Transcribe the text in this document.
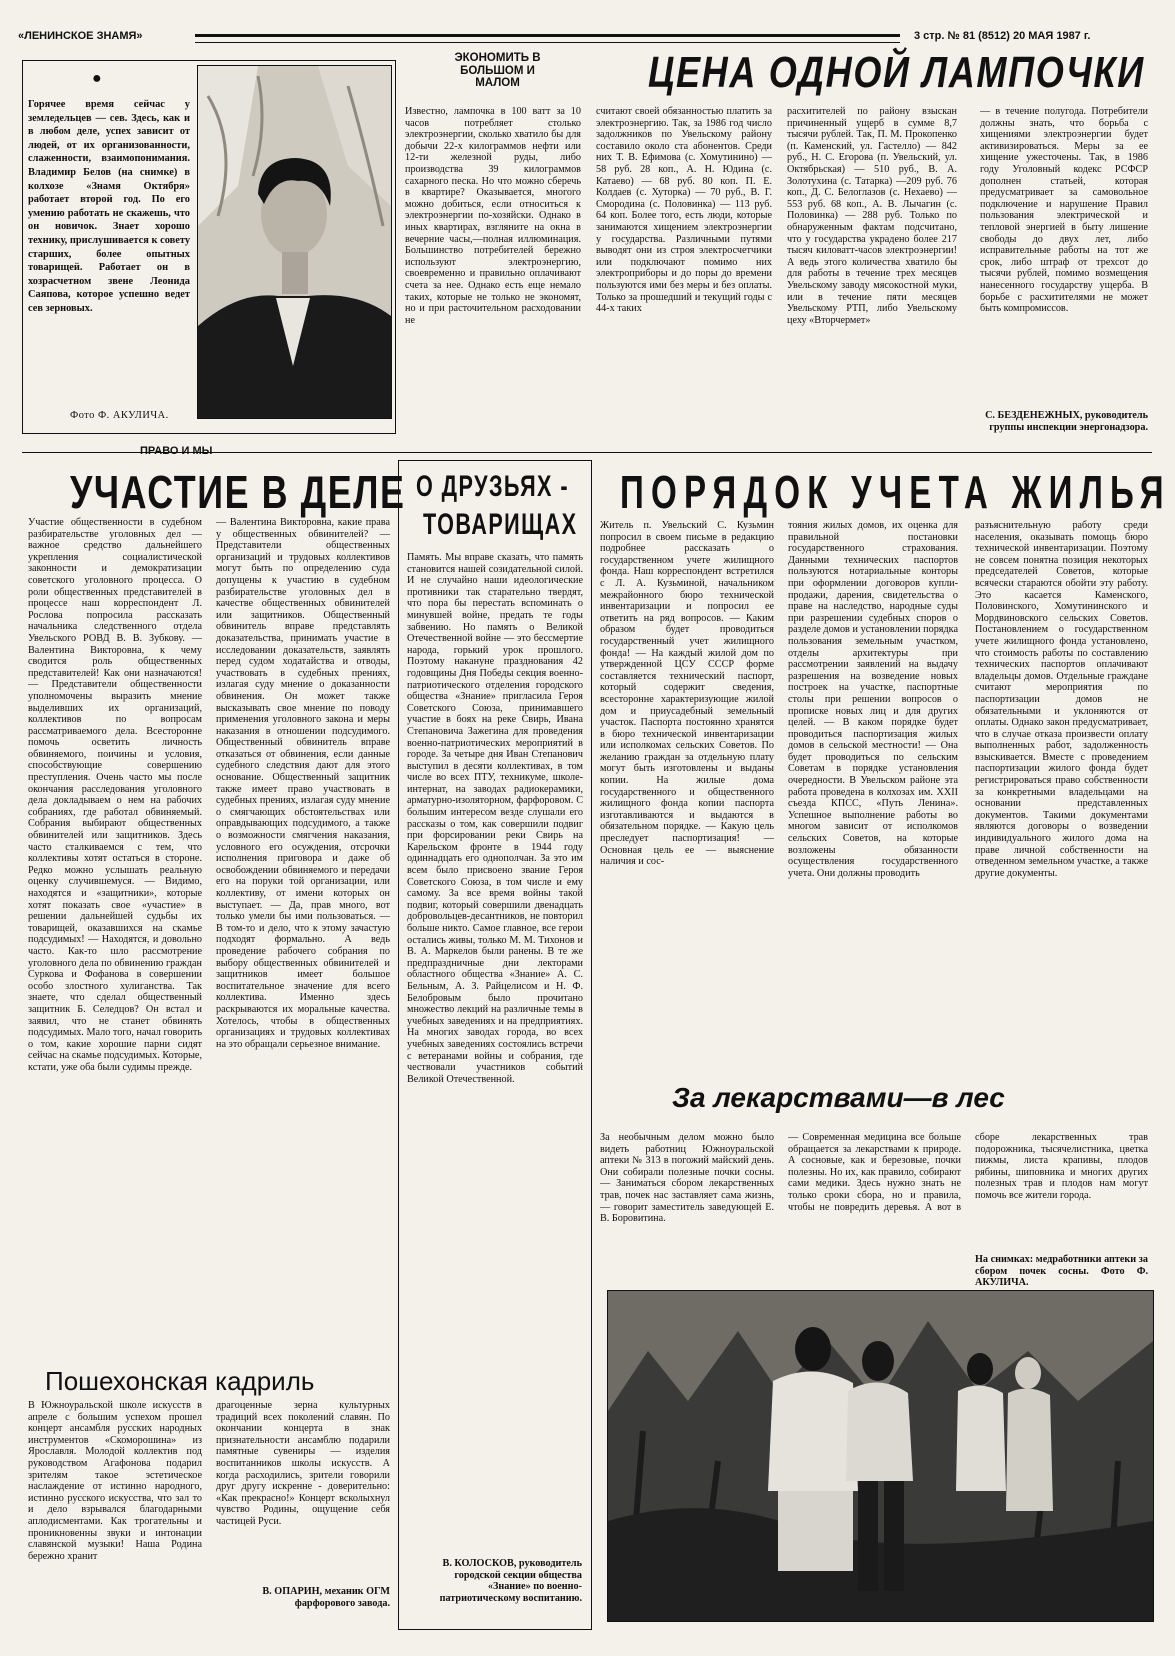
«ЛЕНИНСКОЕ ЗНАМЯ»	3 стр. № 81 (8512) 20 МАЯ 1987 г.
●
Горячее время сейчас у земледельцев — сев. Здесь, как и в любом деле, успех зависит от людей, от их организованности, слаженности, взаимопонимания. Владимир Белов (на снимке) в колхозе «Знамя Октября» работает второй год. По его умению работать не скажешь, что он новичок. Знает хорошо технику, прислушивается к совету старших, более опытных товарищей. Работает он в хозрасчетном звене Леонида Саяпова, которое успешно ведет сев зерновых.
Фото Ф. АКУЛИЧА.
ЭКОНОМИТЬ В БОЛЬШОМ И МАЛОМ	ЦЕНА ОДНОЙ ЛАМПОЧКИ
Известно, лампочка в 100 ватт за 10 часов потребляет столько электроэнергии, сколько хватило бы для добычи 22-х килограммов нефти или 12-ти железной руды, либо производства 39 килограммов сахарного песка. Но что можно сберечь в квартире? Оказывается, многого можно добиться, если относиться к электроэнергии по-хозяйски. Однако в иных квартирах, взгляните на окна в вечерние часы,—полная иллюминация. Большинство потребителей бережно используют электроэнергию, своевременно и правильно оплачивают счета за нее. Однако есть еще немало таких, которые не только не экономят, но и при расточительном расходовании не
считают своей обязанностью платить за электроэнергию. Так, за 1986 год число задолжников по Увельскому району составило около ста абонентов. Среди них Т. В. Ефимова (с. Хомутинино) — 58 руб. 28 коп., А. Н. Юдина (с. Катаево) — 68 руб. 80 коп. П. Е. Колдаев (с. Хуторка) — 70 руб., В. Г. Смородина (с. Половинка) — 113 руб. 64 коп. Более того, есть люди, которые занимаются хищением электроэнергии у государства. Различными путями выводят они из строя электросчетчики или подключают помимо них электроприборы и до поры до времени пользуются ими без меры и без оплаты. Только за прошедший и текущий годы с 44-х таких
расхитителей по району взыскан причиненный ущерб в сумме 8,7 тысячи рублей. Так, П. М. Прокопенко (п. Каменский, ул. Гастелло) — 842 руб., Н. С. Егорова (п. Увельский, ул. Октябрьская) — 510 руб., В. А. Золотухина (с. Татарка) —209 руб. 76 коп., Д. С. Белоглазов (с. Нехаево) — 553 руб. 68 коп., А. В. Лычагин (с. Половинка) — 288 руб. Только по обнаруженным фактам подсчитано, что у государства украдено более 217 тысяч киловатт-часов электроэнергии! А ведь этого количества хватило бы для работы в течение трех месяцев Увельскому заводу мясокостной муки, или в течение пяти месяцев Увельскому РТП, либо Увельскому цеху «Вторчермет»
— в течение полугода. Потребители должны знать, что борьба с хищениями электроэнергии будет активизироваться. Меры за ее хищение ужесточены. Так, в 1986 году Уголовный кодекс РСФСР дополнен статьей, которая предусматривает за самовольное подключение и нарушение Правил пользования электрической и тепловой энергией в быту лишение свободы до двух лет, либо исправительные работы на тот же срок, либо штраф от трехсот до тысячи рублей, помимо возмещения нанесенного государству ущерба. В борьбе с расхитителями не может быть компромиссов.
С. БЕЗДЕНЕЖНЫХ, руководитель группы инспекции энергонадзора.
ПРАВО И МЫ
УЧАСТИЕ В ДЕЛЕ
Участие общественности в судебном разбирательстве уголовных дел — важное средство дальнейшего укрепления социалистической законности и демократизации советского уголовного процесса. О роли общественных представителей в процессе наш корреспондент Л. Рослова попросила рассказать начальника следственного отдела Увельского РОВД В. В. Зубкову. — Валентина Викторовна, к чему сводится роль общественных представителей! Как они назначаются! — Представители общественности уполномочены выразить мнение выделивших их организаций, коллективов по вопросам рассматриваемого дела. Всесторонне помочь осветить личность обвиняемого, поичины и условия, способствующие совершению преступления. Очень часто мы после окончания расследования уголовного дела докладываем о нем на рабочих собраниях, где работал обвиняемый. Собрания выбирают общественных обвинителей или защитников. Здесь часто сталкиваемся с тем, что коллективы хотят остаться в стороне. Редко можно услышать реальную оценку случившемуся. — Видимо, находятся и «защитники», которые хотят показать свое «участие» в решении дальнейшей судьбы их товарищей, оказавшихся на скамье подсудимых! — Находятся, и довольно часто. Как-то шло рассмотрение уголовного дела по обвинению граждан Суркова и Фофанова в совершении особо злостного хулиганства. Так знаете, что сделал общественный защитник Б. Селедцов? Он встал и заявил, что не станет обвинять подсудимых. Мало того, начал говорить о том, какие хорошие парни сидят сейчас на скамье подсудимых. Которые, кстати, уже оба были судимы прежде.
— Валентина Викторовна, какие права у общественных обвинителей? — Представители общественных организаций и трудовых коллективов могут быть по определению суда допущены к участию в судебном разбирательстве уголовных дел в качестве общественных обвинителей или защитников. Общественный обвинитель вправе представлять доказательства, принимать участие в исследовании доказательств, заявлять перед судом ходатайства и отводы, участвовать в судебных прениях, излагая суду мнение о доказанности обвинения. Он может также высказывать свое мнение по поводу применения уголовного закона и меры наказания в отношении подсудимого. Общественный обвинитель вправе отказаться от обвинения, если данные судебного следствия дают для этого основание. Общественный защитник также имеет право участвовать в судебных прениях, излагая суду мнение о смягчающих обстоятельствах или оправдывающих подсудимого, а также о возможности смягчения наказания, условного его осуждения, отсрочки исполнения приговора и даже об освобождении обвиняемого и передачи его на поруки той организации, или коллективу, от имени которых он выступает. — Да, прав много, вот только умели бы ими пользоваться. — В том-то и дело, что к этому зачастую подходят формально. А ведь проведение рабочего собрания по выбору общественных обвинителей и защитников имеет большое воспитательное значение для всего коллектива. Именно здесь раскрываются их моральные качества. Хотелось, чтобы в общественных организациях и трудовых коллективах на это обращали серьезное внимание.
О ДРУЗЬЯХ -
ТОВАРИЩАХ
Память. Мы вправе сказать, что память становится нашей созидательной силой. И не случайно наши идеологические противники так старательно твердят, что пора бы перестать вспоминать о минувшей войне, предать те годы забвению. Но память о Великой Отечественной войне — это бессмертие народа, горький урок прошлого. Поэтому накануне празднования 42 годовщины Дня Победы секция военно-патриотического отделения городского общества «Знание» пригласила Героя Советского Союза, принимавшего участие в боях на реке Свирь, Ивана Степановича Зажегина для проведения военно-патриотических мероприятий в городе. За четыре дня Иван Степанович выступил в десяти коллективах, в том числе во всех ПТУ, техникуме, школе-интернат, на заводах радиокерамики, арматурно-изоляторном, фарфоровом. С большим интересом везде слушали его рассказы о том, как совершили подвиг при форсировании реки Свирь на Карельском фронте в 1944 году одиннадцать его однополчан. За это им всем было присвоено звание Героя Советского Союза, в том числе и ему самому. За все время войны такой подвиг, который совершили двенадцать добровольцев-десантников, не повторил больше никто. Самое главное, все герои остались живы, только М. М. Тихонов и В. А. Маркелов были ранены. В те же предпраздничные дни лекторами областного общества «Знание» А. С. Бельным, А. З. Райцелисом и Н. Ф. Белобровым было прочитано множество лекций на различные темы в учебных заведениях и на предприятиях. На многих заводах города, во всех учебных заведениях состоялись встречи с ветеранами войны и собрания, где чествовали участников событий Великой Отечественной.
В. КОЛОСКОВ, руководитель городской секции общества «Знание» по военно-патриотическому воспитанию.
ПОРЯДОК УЧЕТА ЖИЛЬЯ
Житель п. Увельский С. Кузьмин попросил в своем письме в редакцию подробнее рассказать о государственном учете жилищного фонда. Наш корреспондент встретился с Л. А. Кузьминой, начальником межрайонного бюро технической инвентаризации и попросил ее ответить на ряд вопросов. — Каким образом будет проводиться государственный учет жилищного фонда! — На каждый жилой дом по утвержденной ЦСУ СССР форме составляется технический паспорт, который содержит сведения, всесторонне характеризующие жилой дом и приусадебный земельный участок. Паспорта постоянно хранятся в бюро технической инвентаризации или исполкомах сельских Советов. По желанию граждан за отдельную плату могут быть изготовлены и выданы копии. На жилые дома государственного и общественного жилищного фонда копии паспорта изготавливаются и выдаются в обязательном порядке. — Какую цель преследует паспортизация! — Основная цель ее — выяснение наличия и сос-
тояния жилых домов, их оценка для правильной постановки государственного страхования. Данными технических паспортов пользуются нотариальные конторы при оформлении договоров купли-продажи, дарения, свидетельства о праве на наследство, народные суды при разрешении судебных споров о разделе домов и установлении порядка пользования земельным участком, отделы архитектуры при рассмотрении заявлений на выдачу разрешения на возведение новых построек на участке, паспортные столы при решении вопросов о прописке новых лиц и для других целей. — В каком порядке будет проводиться паспортизация жилых домов в сельской местности! — Она будет проводиться по сельским Советам в порядке установления очередности. В Увельском районе эта работа проведена в колхозах им. XXII съезда КПСС, «Путь Ленина». Успешное выполнение работы во многом зависит от исполкомов сельских Советов, на которые возложены обязанности осуществления государственного учета. Они должны проводить
разъяснительную работу среди населения, оказывать помощь бюро технической инвентаризации. Поэтому не совсем понятна позиция некоторых председателей Советов, которые всячески стараются обойти эту работу. Это касается Каменского, Половинского, Хомутининского и Мордвиновского сельских Советов. Постановлением о государственном учете жилищного фонда установлено, что стоимость работы по составлению технических паспортов оплачивают владельцы домов. Отдельные граждане считают мероприятия по паспортизации домов не обязательными и уклоняются от оплаты. Однако закон предусматривает, что в случае отказа произвести оплату выполненных работ, задолженность взыскивается. Вместе с проведением паспортизации жилого фонда будет регистрироваться право собственности за конкретными владельцами на основании представленных документов. Такими документами являются договоры о возведении индивидуального жилого дома на праве личной собственности на отведенном земельном участке, а также другие документы.
За лекарствами—в лес
За необычным делом можно было видеть работниц Южноуральской аптеки № 313 в погожий майский день. Они собирали полезные почки сосны. — Заниматься сбором лекарственных трав, почек нас заставляет сама жизнь, — говорит заместитель заведующей Е. В. Боровитина.
— Современная медицина все больше обращается за лекарствами к природе. А сосновые, как и березовые, почки полезны. Но их, как правило, собирают сами медики. Здесь нужно знать не только сроки сбора, но и правила, чтобы не повредить деревья. А вот в сборе лекарственных трав подорожника, тысячелистника, цветка пижмы, листа крапивы, плодов рябины, шиповника и многих других полезных трав и плодов нам могут помочь все жители города.
На снимках: медработники аптеки за сбором почек сосны. Фото Ф. АКУЛИЧА.
Пошехонская кадриль
В Южноуральской школе искусств в апреле с большим успехом прошел концерт ансамбля русских народных инструментов «Скоморошина» из Ярославля. Молодой коллектив под руководством Агафонова подарил зрителям такое эстетическое наслаждение от истинно народного, истинно русского искусства, что зал то и дело взрывался благодарными аплодисментами. Как трогательны и проникновенны звуки и интонации славянской музыки! Наша Родина бережно хранит
драгоценные зерна культурных традиций всех поколений славян. По окончании концерта в знак признательности ансамблю подарили памятные сувениры — изделия воспитанников школы искусств. А когда расходились, зрители говорили друг другу искренне - доверительно: «Как прекрасно!» Концерт всколыхнул чувство Родины, ощущение себя частицей Руси.
В. ОПАРИН, механик ОГМ фарфорового завода.
